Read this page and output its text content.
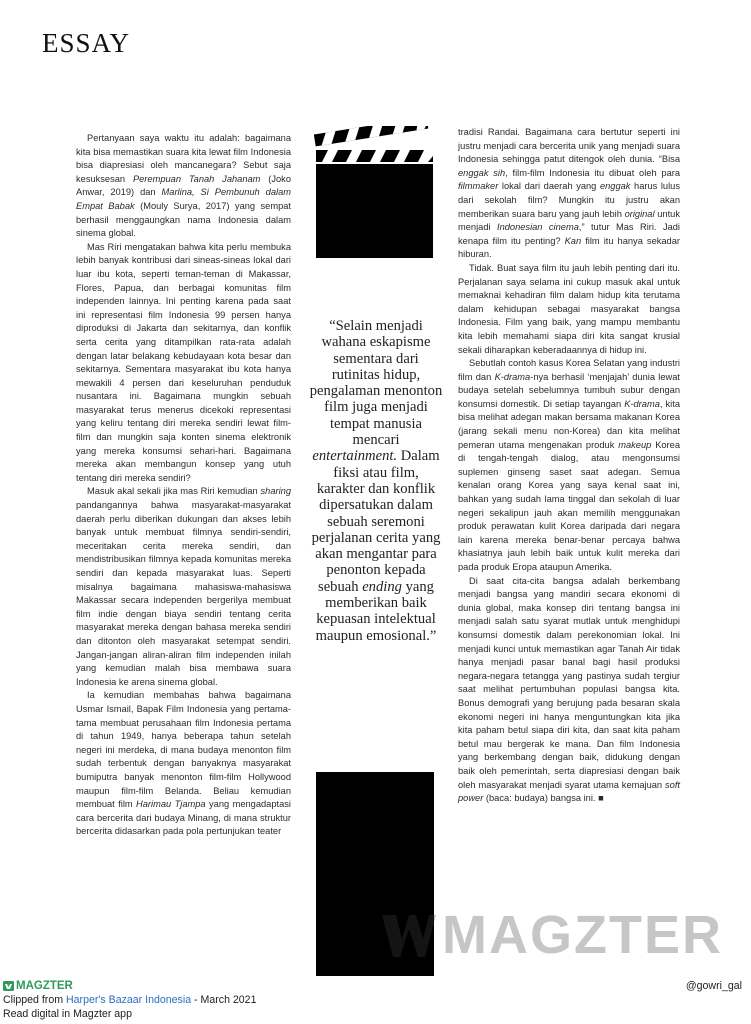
ESSAY

Pertanyaan saya waktu itu adalah: bagaimana kita bisa memastikan suara kita lewat film Indonesia bisa diapresiasi oleh mancanegara? Sebut saja kesuksesan Perempuan Tanah Jahanam (Joko Anwar, 2019) dan Marlina, Si Pembunuh dalam Empat Babak (Mouly Surya, 2017) yang sempat berhasil menggaungkan nama Indonesia dalam sinema global.

Mas Riri mengatakan bahwa kita perlu membuka lebih banyak kontribusi dari sineas-sineas lokal dari luar ibu kota, seperti teman-teman di Makassar, Flores, Papua, dan berbagai komunitas film independen lainnya. Ini penting karena pada saat ini representasi film Indonesia 99 persen hanya diproduksi di Jakarta dan sekitarnya, dan konflik serta cerita yang ditampilkan rata-rata adalah dengan latar belakang kebudayaan kota besar dan sekitarnya. Sementara masyarakat ibu kota hanya mewakili 4 persen dari keseluruhan penduduk nusantara ini. Bagaimana mungkin sebuah masyarakat terus menerus dicekoki representasi yang keliru tentang diri mereka sendiri lewat film-film dan mungkin saja konten sinema elektronik yang mereka konsumsi sehari-hari. Bagaimana mereka akan membangun konsep yang utuh tentang diri mereka sendiri?

Masuk akal sekali jika mas Riri kemudian sharing pandangannya bahwa masyarakat-masyarakat daerah perlu diberikan dukungan dan akses lebih banyak untuk membuat filmnya sendiri-sendiri, meceritakan cerita mereka sendiri, dan mendistribusikan filmnya kepada komunitas mereka sendiri dan kepada masyarakat luas. Seperti misalnya bagaimana mahasiswa-mahasiswa Makassar secara independen bergerilya membuat film indie dengan biaya sendiri tentang cerita masyarakat mereka dengan bahasa mereka sendiri dan ditonton oleh masyarakat setempat sendiri. Jangan-jangan aliran-aliran film independen inilah yang kemudian malah bisa membawa suara Indonesia ke arena sinema global.

Ia kemudian membahas bahwa bagaimana Usmar Ismail, Bapak Film Indonesia yang pertama-tama membuat perusahaan film Indonesia pertama di tahun 1949, hanya beberapa tahun setelah negeri ini merdeka, di mana budaya menonton film sudah terbentuk dengan banyaknya masyarakat bumiputra banyak menonton film-film Hollywood maupun film-film Belanda. Beliau kemudian membuat film Harimau Tjampa yang mengadaptasi cara bercerita dari budaya Minang, di mana struktur bercerita didasarkan pada pola pertunjukan teater

“Selain menjadi wahana eskapisme sementara dari rutinitas hidup, pengalaman menonton film juga menjadi tempat manusia mencari entertainment. Dalam fiksi atau film, karakter dan konflik dipersatukan dalam sebuah seremoni perjalanan cerita yang akan mengantar para penonton kepada sebuah ending yang memberikan baik kepuasan intelektual maupun emosional.”

tradisi Randai. Bagaimana cara bertutur seperti ini justru menjadi cara bercerita unik yang menjadi suara Indonesia sehingga patut ditengok oleh dunia. “Bisa enggak sih, film-film Indonesia itu dibuat oleh para filmmaker lokal dari daerah yang enggak harus lulus dari sekolah film? Mungkin itu justru akan memberikan suara baru yang jauh lebih original untuk menjadi Indonesian cinema,” tutur Mas Riri. Jadi kenapa film itu penting? Kan film itu hanya sekadar hiburan.

Tidak. Buat saya film itu jauh lebih penting dari itu. Perjalanan saya selama ini cukup masuk akal untuk memaknai kehadiran film dalam hidup kita terutama dalam kehidupan sebagai masyarakat bangsa Indonesia. Film yang baik, yang mampu membantu kita lebih memahami siapa diri kita sangat krusial sekali diharapkan keberadaannya di hidup ini.

Sebutlah contoh kasus Korea Selatan yang industri film dan K-drama-nya berhasil ‘menjajah’ dunia lewat budaya setelah sebelumnya tumbuh subur dengan konsumsi domestik. Di setiap tayangan K-drama, kita bisa melihat adegan makan bersama makanan Korea (jarang sekali menu non-Korea) dan kita melihat pemeran utama mengenakan produk makeup Korea di tengah-tengah dialog, atau mengonsumsi suplemen ginseng saset saat adegan. Semua kenalan orang Korea yang saya kenal saat ini, bahkan yang sudah lama tinggal dan sekolah di luar negeri sekalipun jauh akan memilih menggunakan produk perawatan kulit Korea daripada dari negara lain karena mereka benar-benar percaya bahwa khasiatnya jauh lebih baik untuk kulit mereka dari pada produk Eropa ataupun Amerika.

Di saat cita-cita bangsa adalah berkembang menjadi bangsa yang mandiri secara ekonomi di dunia global, maka konsep diri tentang bangsa ini menjadi salah satu syarat mutlak untuk menghidupi konsumsi domestik dalam perekonomian lokal. Ini menjadi kunci untuk memastikan agar Tanah Air tidak hanya menjadi pasar banal bagi hasil produksi negara-negara tetangga yang pastinya sudah tergiur saat melihat pertumbuhan populasi bangsa kita. Bonus demografi yang berujung pada besaran skala ekonomi negeri ini hanya menguntungkan kita jika kita paham betul siapa diri kita, dan saat kita paham betul mau bergerak ke mana. Dan film Indonesia yang berkembang dengan baik, didukung dengan baik oleh pemerintah, serta diapresiasi dengan baik oleh masyarakat menjadi syarat utama kemajuan soft power (baca: budaya) bangsa ini. ■

MAGZTER
MAGZTER
Clipped from Harper's Bazaar Indonesia - March 2021
Read digital in Magzter app
@gowri_gal
